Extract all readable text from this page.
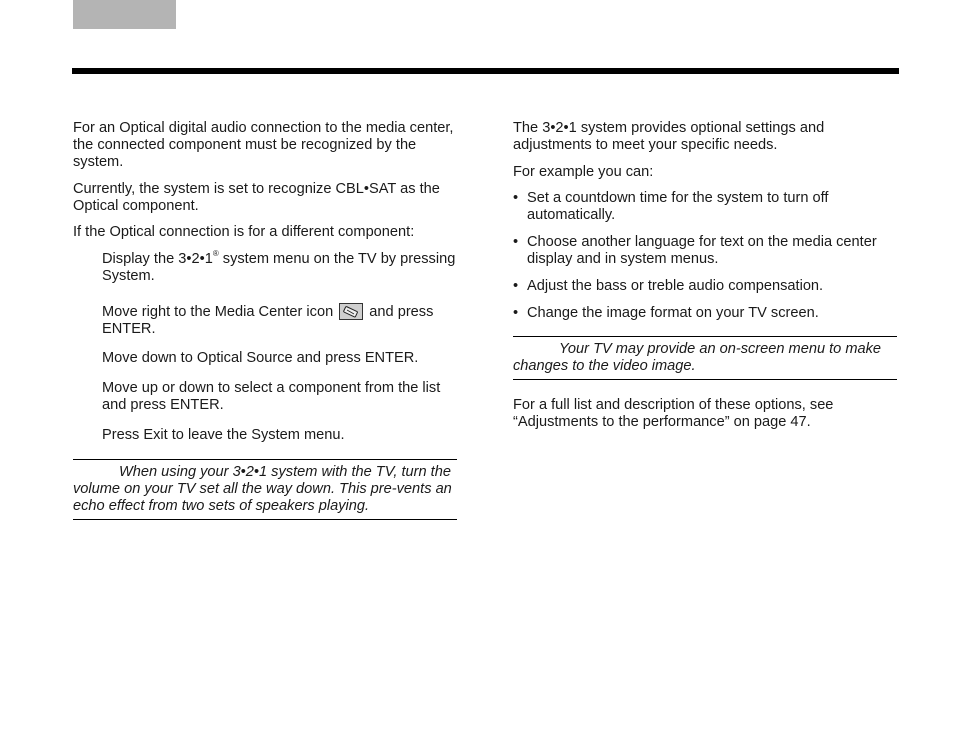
For an Optical digital audio connection to the media center, the connected component must be recognized by the system.

Currently, the system is set to recognize CBL•SAT as the Optical component.

If the Optical connection is for a different component:

Display the 3•2•1® system menu on the TV by pressing System.

Move right to the Media Center icon
and press ENTER.

Move down to Optical Source and press ENTER.

Move up or down to select a component from the list and press ENTER.

Press Exit to leave the System menu.

When using your 3•2•1 system with the TV, turn the volume on your TV set all the way down. This pre-vents an echo effect from two sets of speakers playing.

The 3•2•1 system provides optional settings and adjustments to meet your specific needs.

For example you can:

• Set a countdown time for the system to turn off automatically.
• Choose another language for text on the media center display and in system menus.
• Adjust the bass or treble audio compensation.
• Change the image format on your TV screen.
Your TV may provide an on-screen menu to make changes to the video image.

For a full list and description of these options, see “Adjustments to the performance” on page 47.
